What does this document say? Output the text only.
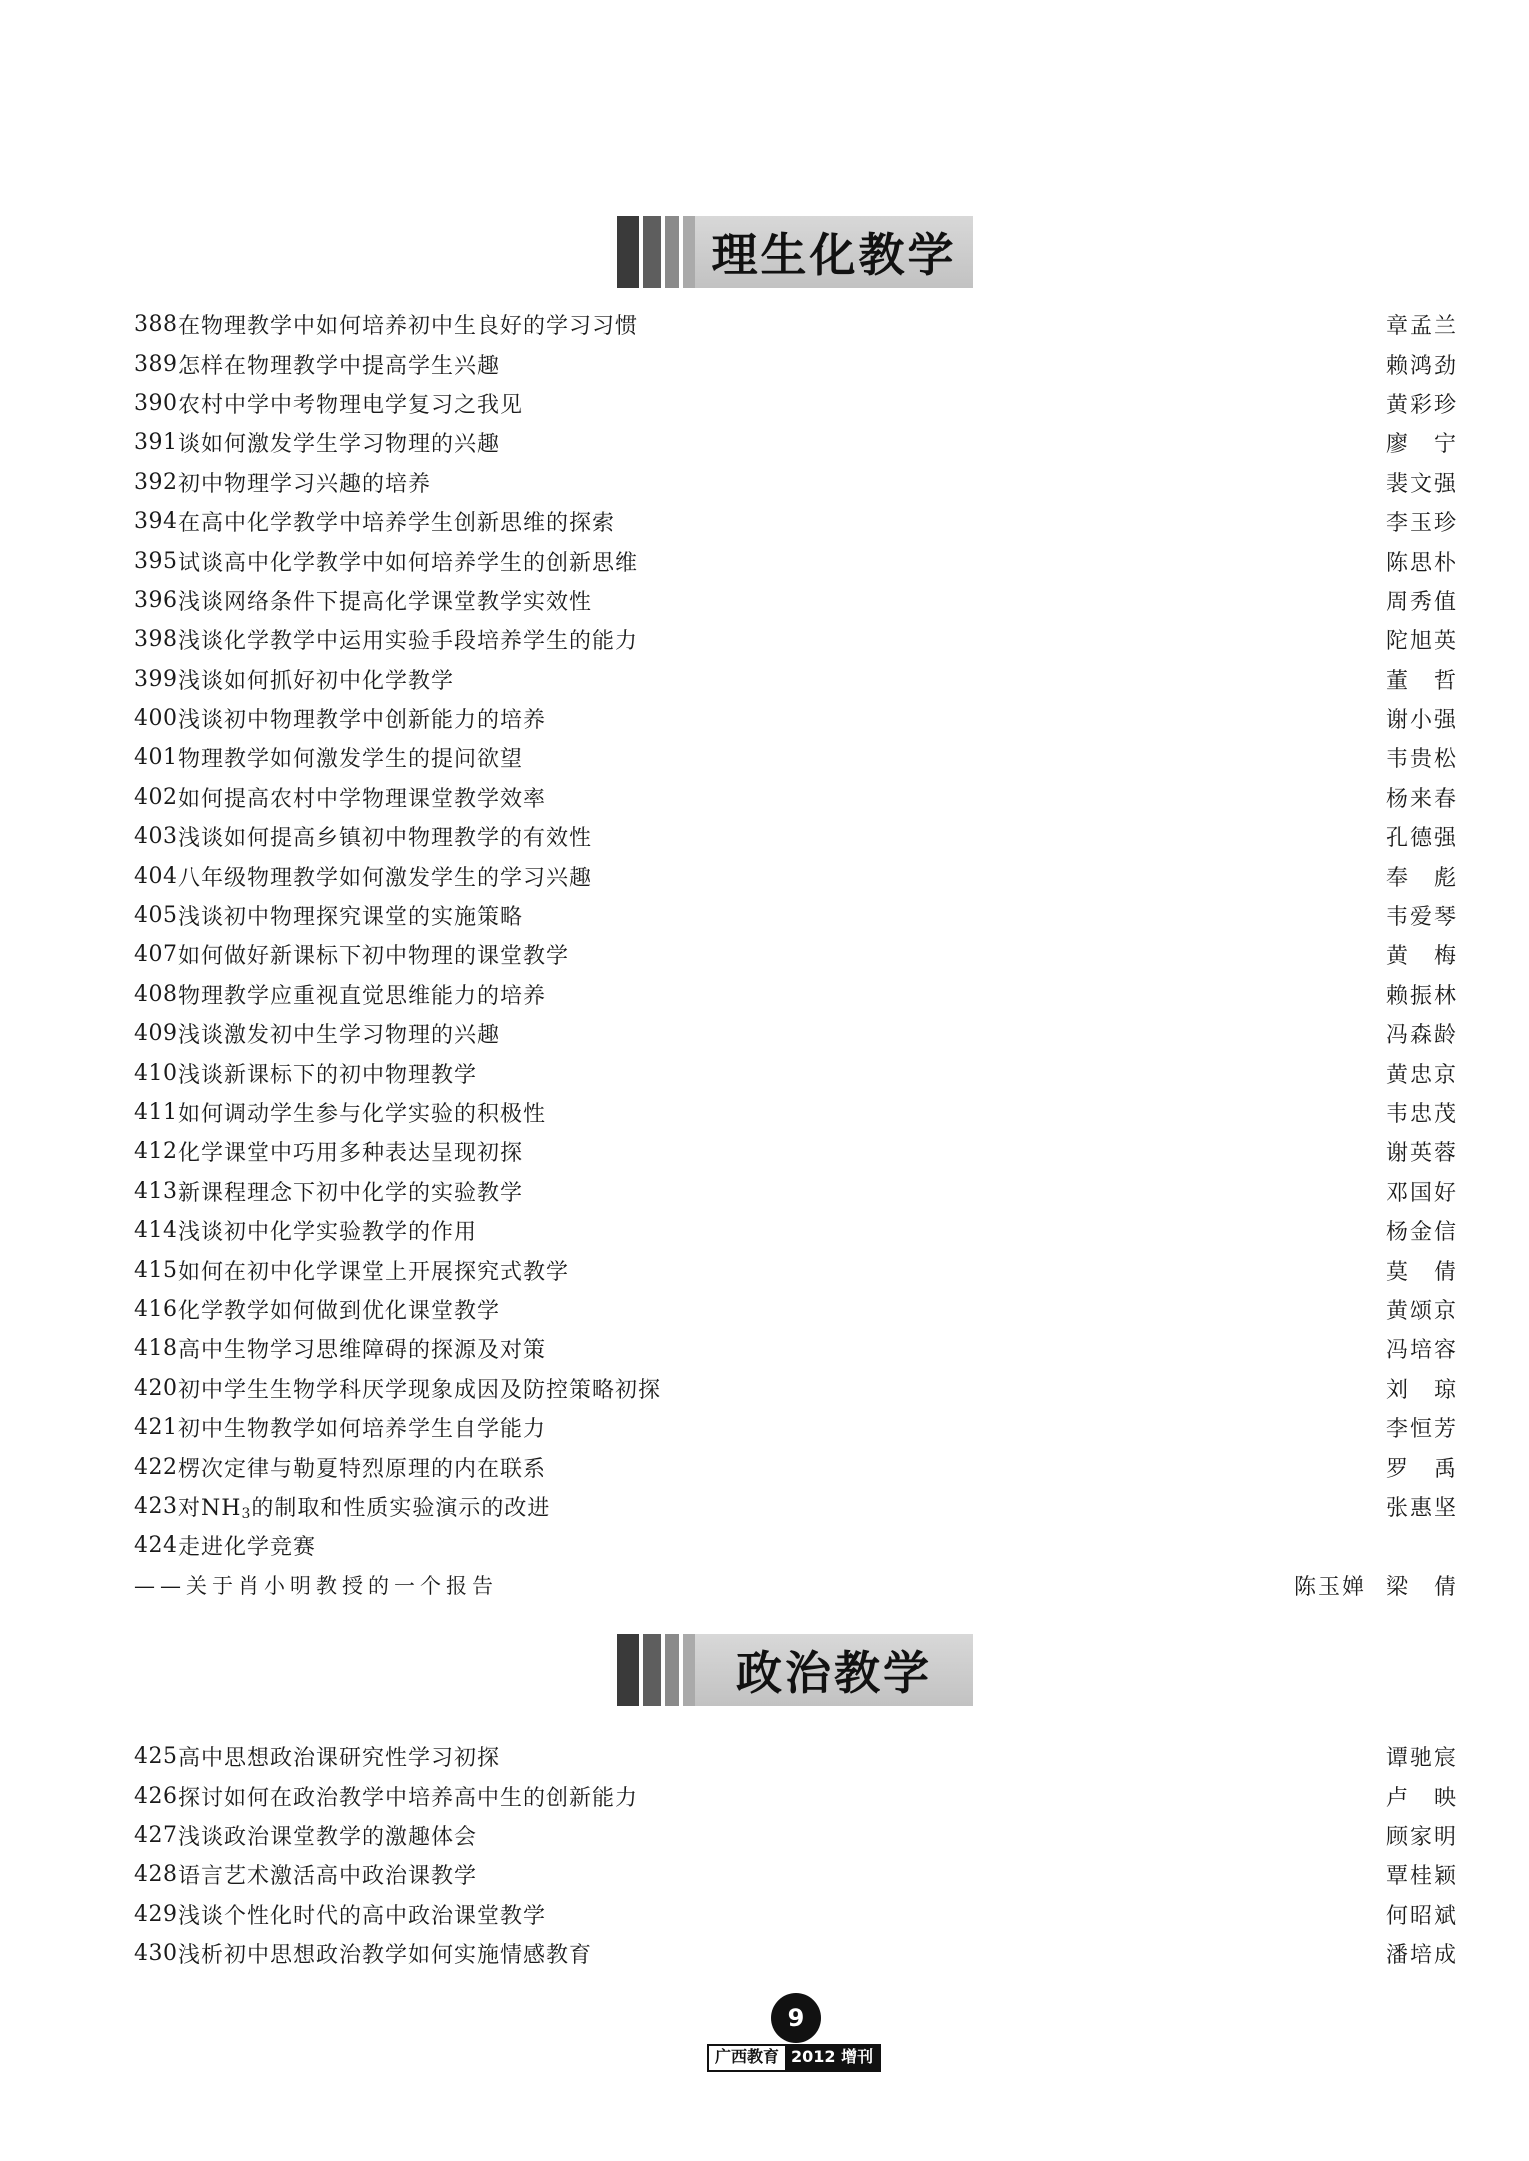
理生化教学
388 在物理教学中如何培养初中生良好的学习习惯	章孟兰
389 怎样在物理教学中提高学生兴趣	赖鸿劲
390 农村中学中考物理电学复习之我见	黄彩珍
391 谈如何激发学生学习物理的兴趣	廖宁
392 初中物理学习兴趣的培养	裴文强
394 在高中化学教学中培养学生创新思维的探索	李玉珍
395 试谈高中化学教学中如何培养学生的创新思维	陈思朴
396 浅谈网络条件下提高化学课堂教学实效性	周秀值
398 浅谈化学教学中运用实验手段培养学生的能力	陀旭英
399 浅谈如何抓好初中化学教学	董哲
400 浅谈初中物理教学中创新能力的培养	谢小强
401 物理教学如何激发学生的提问欲望	韦贵松
402 如何提高农村中学物理课堂教学效率	杨来春
403 浅谈如何提高乡镇初中物理教学的有效性	孔德强
404 八年级物理教学如何激发学生的学习兴趣	奉彪
405 浅谈初中物理探究课堂的实施策略	韦爱琴
407 如何做好新课标下初中物理的课堂教学	黄梅
408 物理教学应重视直觉思维能力的培养	赖振林
409 浅谈激发初中生学习物理的兴趣	冯森龄
410 浅谈新课标下的初中物理教学	黄忠京
411 如何调动学生参与化学实验的积极性	韦忠茂
412 化学课堂中巧用多种表达呈现初探	谢英蓉
413 新课程理念下初中化学的实验教学	邓国好
414 浅谈初中化学实验教学的作用	杨金信
415 如何在初中化学课堂上开展探究式教学	莫倩
416 化学教学如何做到优化课堂教学	黄颂京
418 高中生物学习思维障碍的探源及对策	冯培容
420 初中学生生物学科厌学现象成因及防控策略初探	刘琼
421 初中生物教学如何培养学生自学能力	李恒芳
422 楞次定律与勒夏特烈原理的内在联系	罗禹
423 对$NH_3$的制取和性质实验演示的改进	张惠坚
424 走进化学竞赛
——关于肖小明教授的一个报告	陈玉婵 梁倩
政治教学
425 高中思想政治课研究性学习初探	谭驰宸
426 探讨如何在政治教学中培养高中生的创新能力	卢映
427 浅谈政治课堂教学的激趣体会	顾家明
428 语言艺术激活高中政治课教学	覃桂颖
429 浅谈个性化时代的高中政治课堂教学	何昭斌
430 浅析初中思想政治教学如何实施情感教育	潘培成
9
广西教育 2012 增刊
